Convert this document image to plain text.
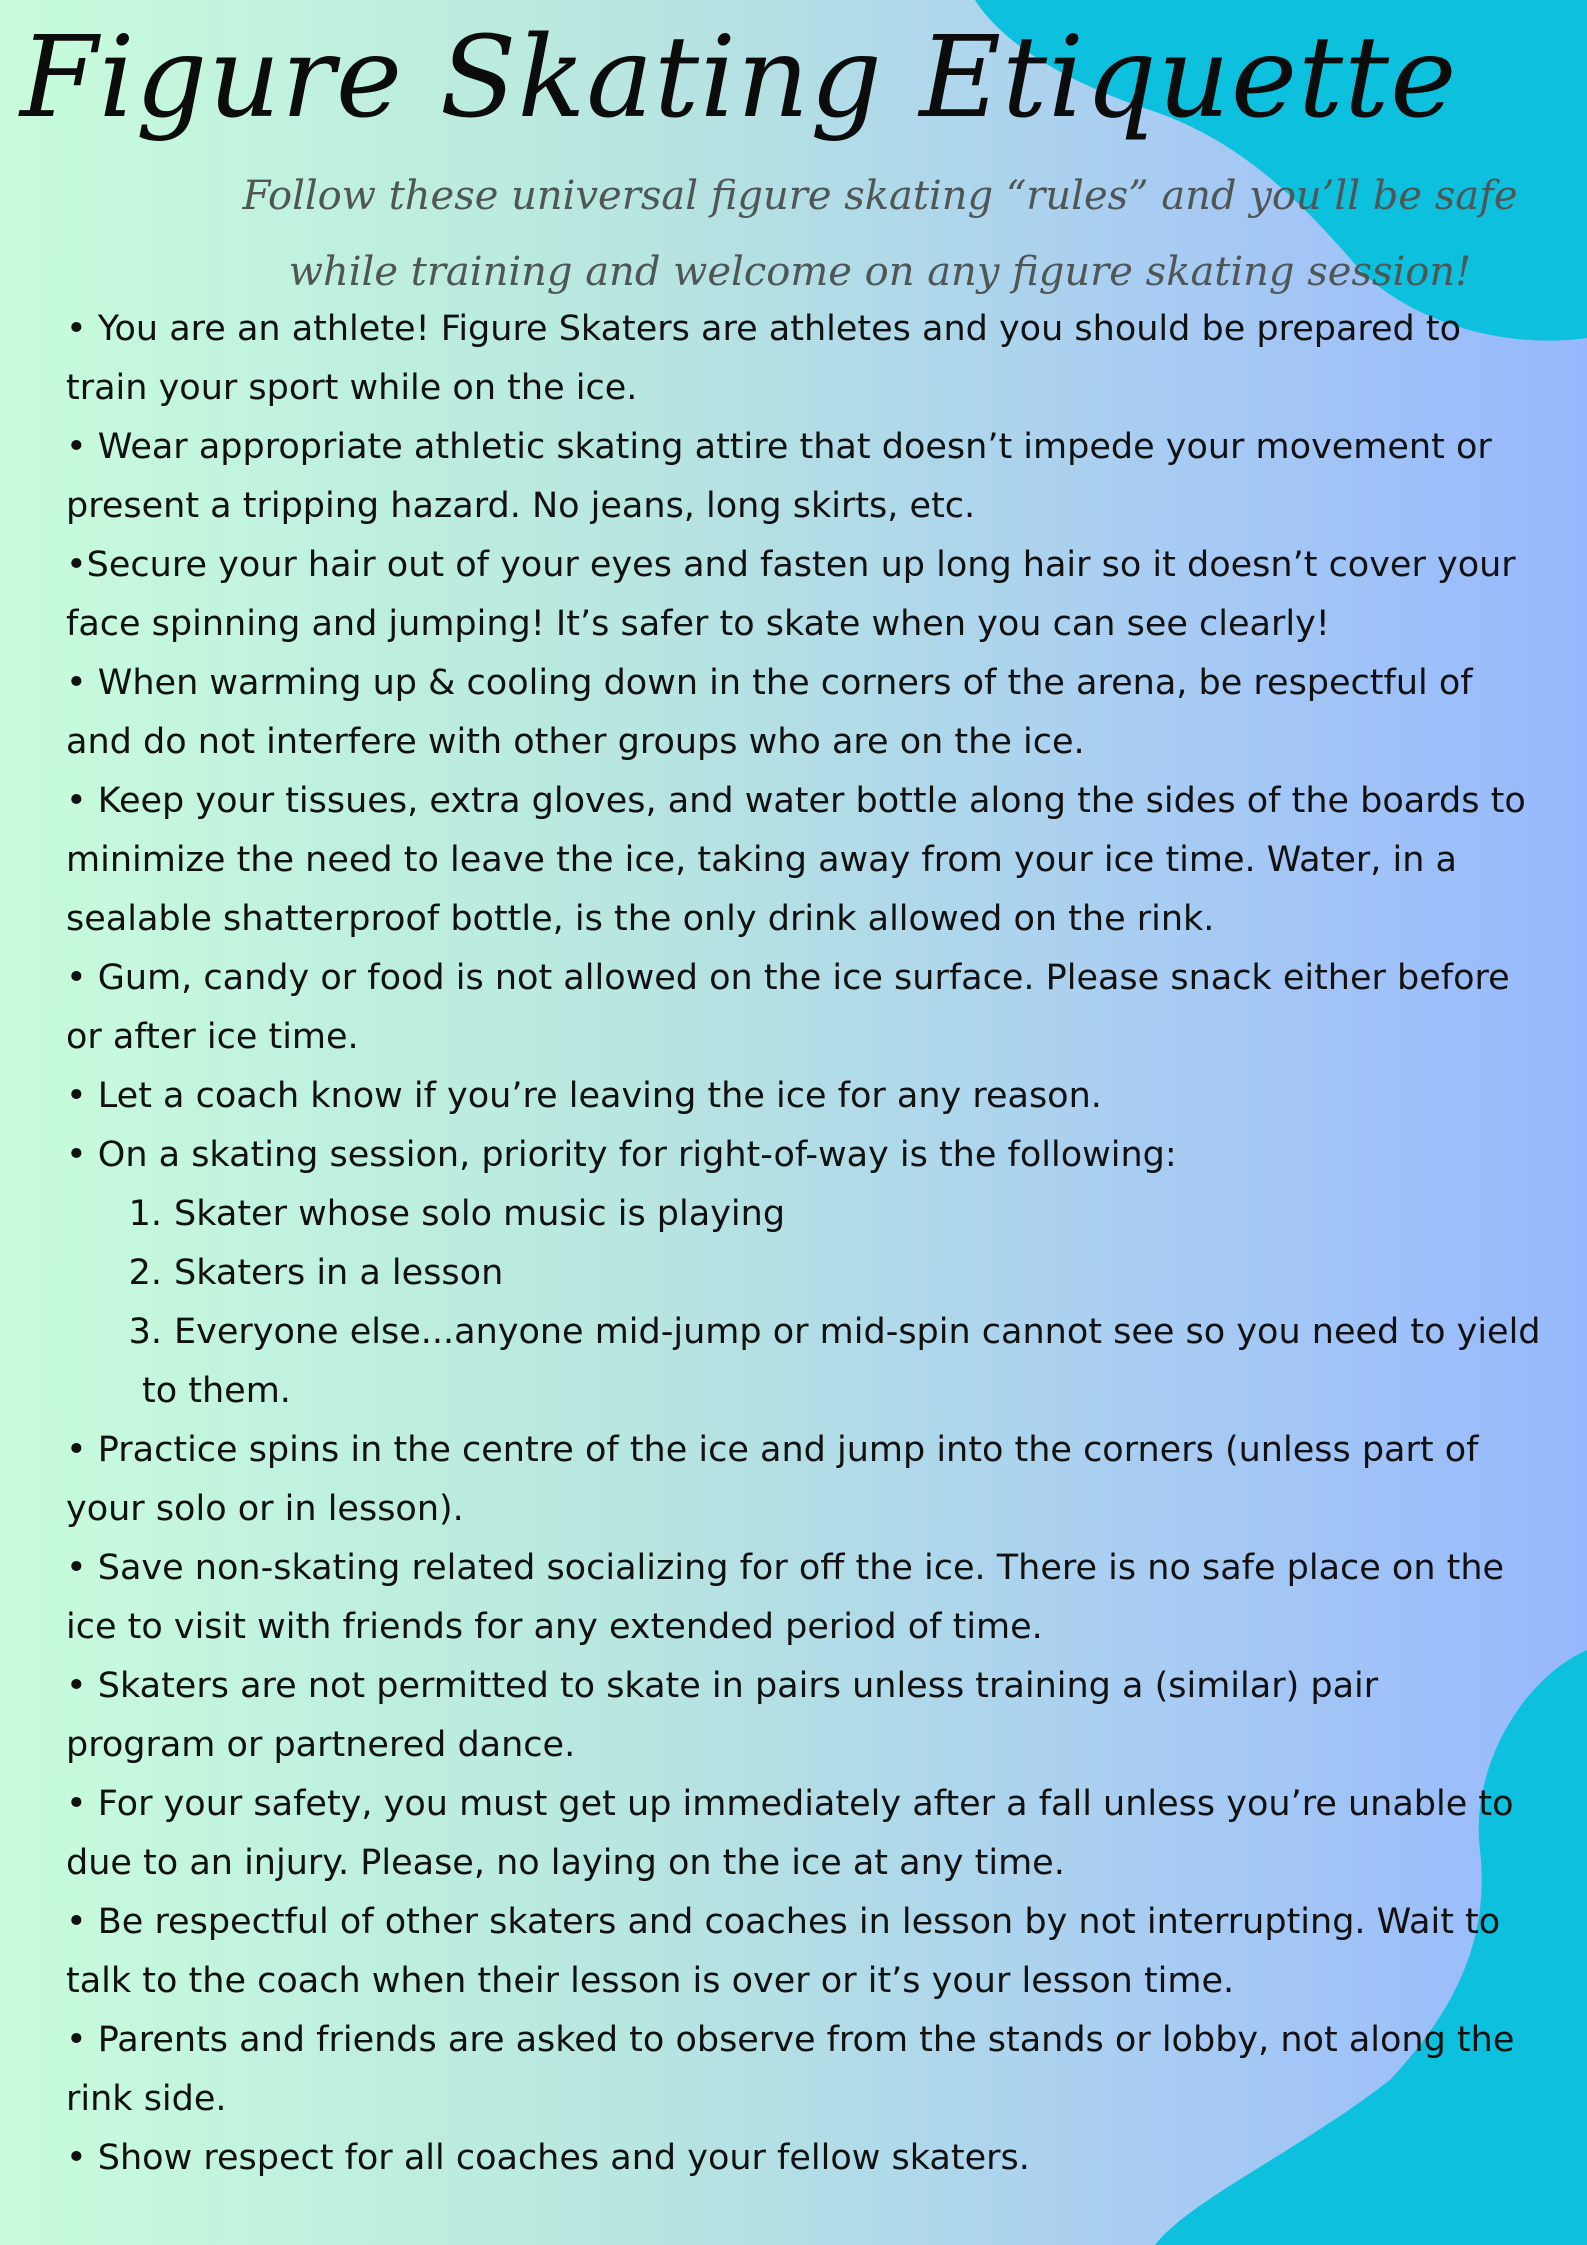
Figure Skating Etiquette

Follow these universal figure skating “rules” and you’ll be safe while training and welcome on any figure skating session!

• You are an athlete! Figure Skaters are athletes and you should be prepared to train your sport while on the ice.

• Wear appropriate athletic skating attire that doesn’t impede your movement or present a tripping hazard. No jeans, long skirts, etc.

•Secure your hair out of your eyes and fasten up long hair so it doesn’t cover your face spinning and jumping! It’s safer to skate when you can see clearly!

• When warming up & cooling down in the corners of the arena, be respectful of and do not interfere with other groups who are on the ice.

• Keep your tissues, extra gloves, and water bottle along the sides of the boards to minimize the need to leave the ice, taking away from your ice time. Water, in a sealable shatterproof bottle, is the only drink allowed on the rink.

• Gum, candy or food is not allowed on the ice surface. Please snack either before or after ice time.

• Let a coach know if you’re leaving the ice for any reason.

• On a skating session, priority for right-of-way is the following:

1. Skater whose solo music is playing

2. Skaters in a lesson

3. Everyone else...anyone mid-jump or mid-spin cannot see so you need to yield to them.

• Practice spins in the centre of the ice and jump into the corners (unless part of your solo or in lesson).

• Save non-skating related socializing for off the ice. There is no safe place on the ice to visit with friends for any extended period of time.

• Skaters are not permitted to skate in pairs unless training a (similar) pair program or partnered dance.

• For your safety, you must get up immediately after a fall unless you’re unable to due to an injury. Please, no laying on the ice at any time.

• Be respectful of other skaters and coaches in lesson by not interrupting. Wait to talk to the coach when their lesson is over or it’s your lesson time.

• Parents and friends are asked to observe from the stands or lobby, not along the rink side.

• Show respect for all coaches and your fellow skaters.
